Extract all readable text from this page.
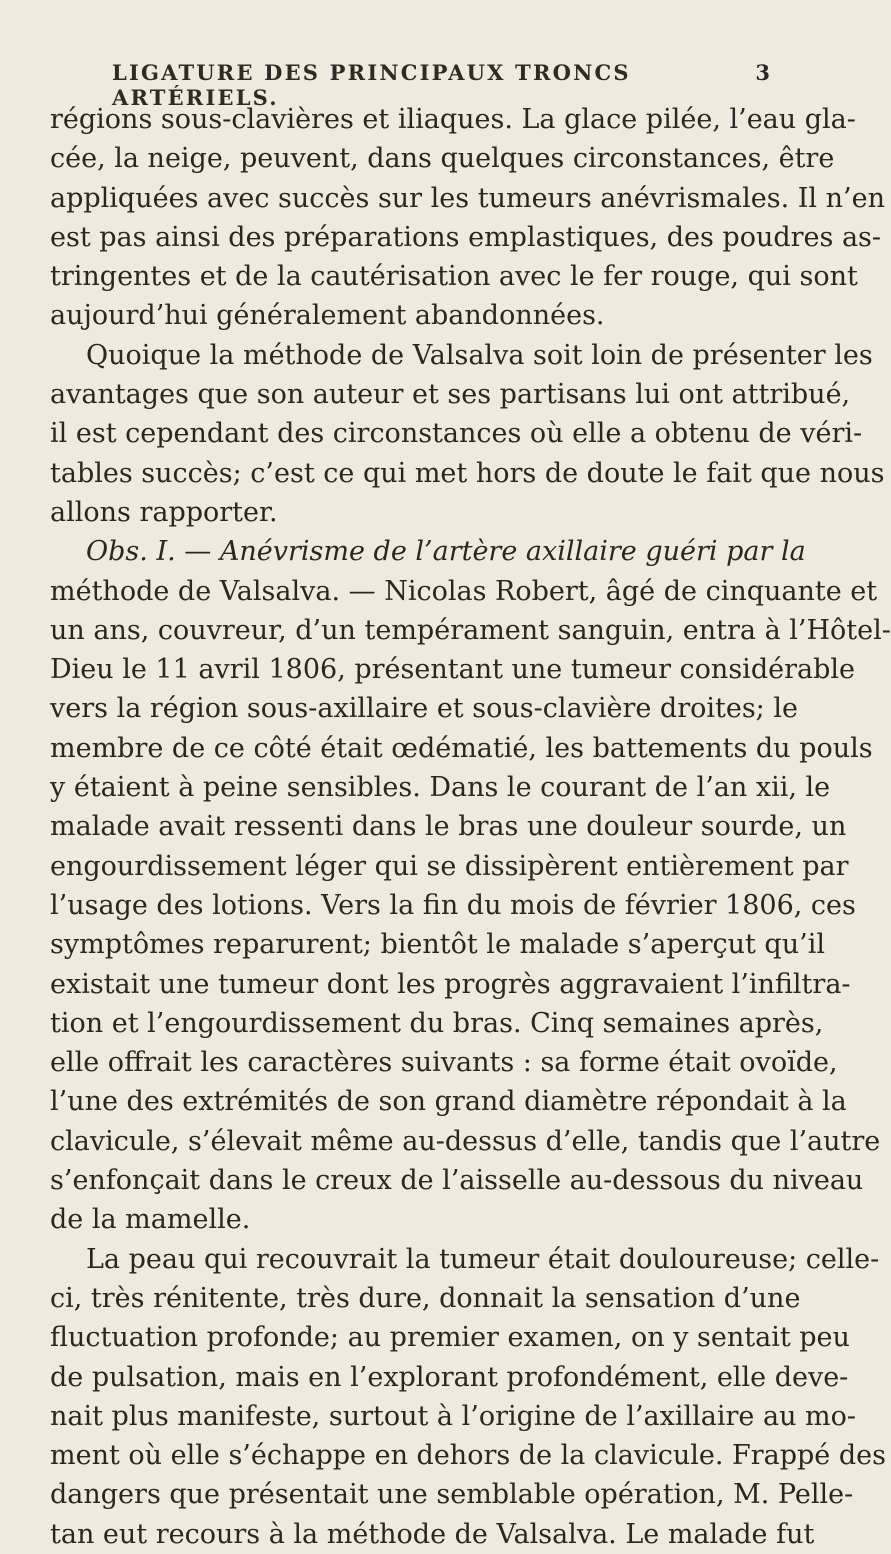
LIGATURE DES PRINCIPAUX TRONCS ARTÉRIELS.
3
régions sous-clavières et iliaques. La glace pilée, l’eau gla-
cée, la neige, peuvent, dans quelques circonstances, être
appliquées avec succès sur les tumeurs anévrismales. Il n’en
est pas ainsi des préparations emplastiques, des poudres as-
tringentes et de la cautérisation avec le fer rouge, qui sont
aujourd’hui généralement abandonnées.
Quoique la méthode de Valsalva soit loin de présenter les
avantages que son auteur et ses partisans lui ont attribué,
il est cependant des circonstances où elle a obtenu de véri-
tables succès; c’est ce qui met hors de doute le fait que nous
allons rapporter.
Obs. I. — Anévrisme de l’artère axillaire guéri par la
méthode de Valsalva. — Nicolas Robert, âgé de cinquante et
un ans, couvreur, d’un tempérament sanguin, entra à l’Hôtel-
Dieu le 11 avril 1806, présentant une tumeur considérable
vers la région sous-axillaire et sous-clavière droites; le
membre de ce côté était œdématié, les battements du pouls
y étaient à peine sensibles. Dans le courant de l’an xii, le
malade avait ressenti dans le bras une douleur sourde, un
engourdissement léger qui se dissipèrent entièrement par
l’usage des lotions. Vers la fin du mois de février 1806, ces
symptômes reparurent; bientôt le malade s’aperçut qu’il
existait une tumeur dont les progrès aggravaient l’infiltra-
tion et l’engourdissement du bras. Cinq semaines après,
elle offrait les caractères suivants : sa forme était ovoïde,
l’une des extrémités de son grand diamètre répondait à la
clavicule, s’élevait même au-dessus d’elle, tandis que l’autre
s’enfonçait dans le creux de l’aisselle au-dessous du niveau
de la mamelle.
La peau qui recouvrait la tumeur était douloureuse; celle-
ci, très rénitente, très dure, donnait la sensation d’une
fluctuation profonde; au premier examen, on y sentait peu
de pulsation, mais en l’explorant profondément, elle deve-
nait plus manifeste, surtout à l’origine de l’axillaire au mo-
ment où elle s’échappe en dehors de la clavicule. Frappé des
dangers que présentait une semblable opération, M. Pelle-
tan eut recours à la méthode de Valsalva. Le malade fut
